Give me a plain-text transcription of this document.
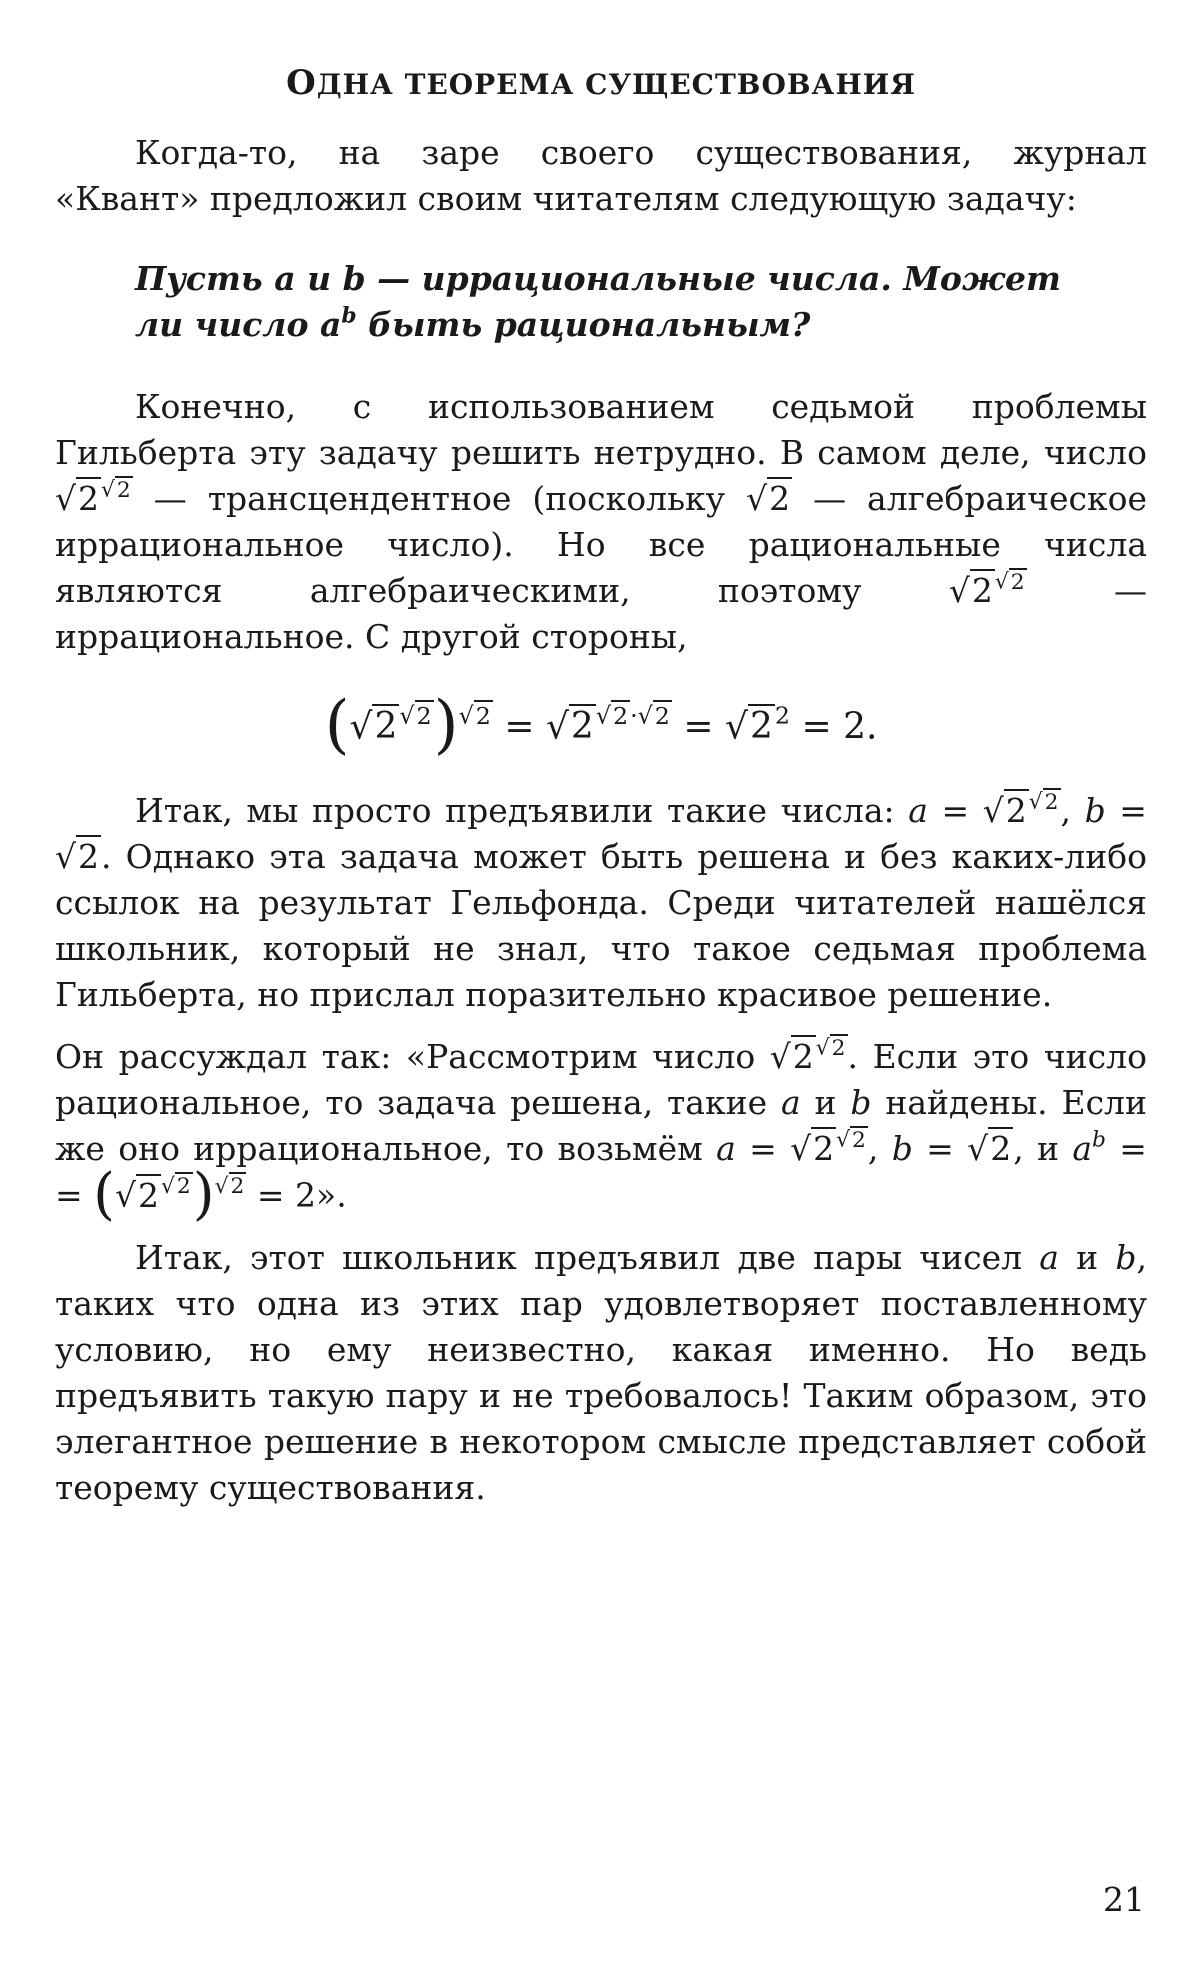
ОДНА ТЕОРЕМА СУЩЕСТВОВАНИЯ

Когда-то, на заре своего существования, журнал «Квант» предложил своим читателям следующую задачу:

Пусть a и b — иррациональные числа. Может ли число $a^b$ быть рациональным?

Конечно, с использованием седьмой проблемы Гильберта эту задачу решить нетрудно. В самом деле, число $√2^{√2}$ — трансцендентное (поскольку √2 — алгебраическое иррациональное число). Но все рациональные числа являются алгебраическими, поэтому	$√2^{√2}$	— иррациональное. С другой стороны,

$(√2^{√2})^{√2} = √2^{√2\cdot√2} = √2^2 = 2$.

Итак, мы просто предъявили такие числа: $a = √2^{√2}$, b = √2. Однако эта задача может быть решена и без каких-либо ссылок на результат Гельфонда. Среди читателей нашёлся школьник, который не знал, что такое седьмая проблема Гильберта, но прислал поразительно красивое решение.

Он рассуждал так: «Рассмотрим число $√2^{√2}$. Если это число рациональное, то задача решена, такие a и b найдены. Если же оно иррациональное, то возьмём $a = √2^{√2}$, b = √2, и $a^b$ = = $(√2^{√2})^{√2} = 2$».

Итак, этот школьник предъявил две пары чисел a и b, таких что одна из этих пар удовлетворяет поставленному условию, но ему неизвестно, какая именно. Но ведь предъявить такую пару и не требовалось! Таким образом, это элегантное решение в некотором смысле представляет собой теорему существования.

21
